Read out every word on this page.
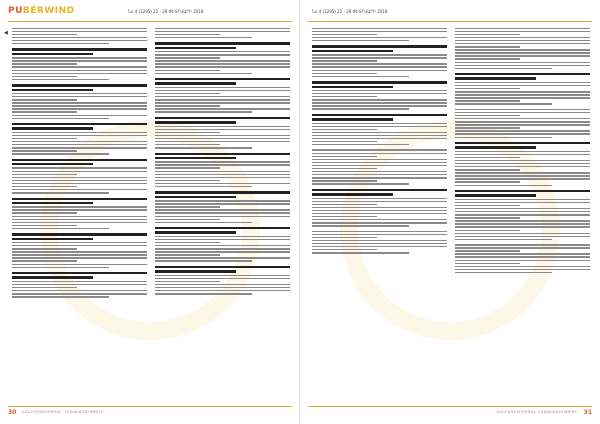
PUBÉRWIND	Նո 4 (1295) 22 - 28 ՓԵՏՐՎԱՐԻ 2018
◀
30 ՀԱՆՐԱՊԵՏՈՒԹՅԱՆ ԴԱՏԱԽԱԶՈՒԹՅՈՒՆ
Նո 4 (1295) 22 - 28 ՓԵՏՐՎԱՐԻ 2018
31
ՀԱՆՐԱՊԵՏՈՒԹՅԱՆ ԴԱՏԱԽԱԶՈՒԹՅՈՒՆ
